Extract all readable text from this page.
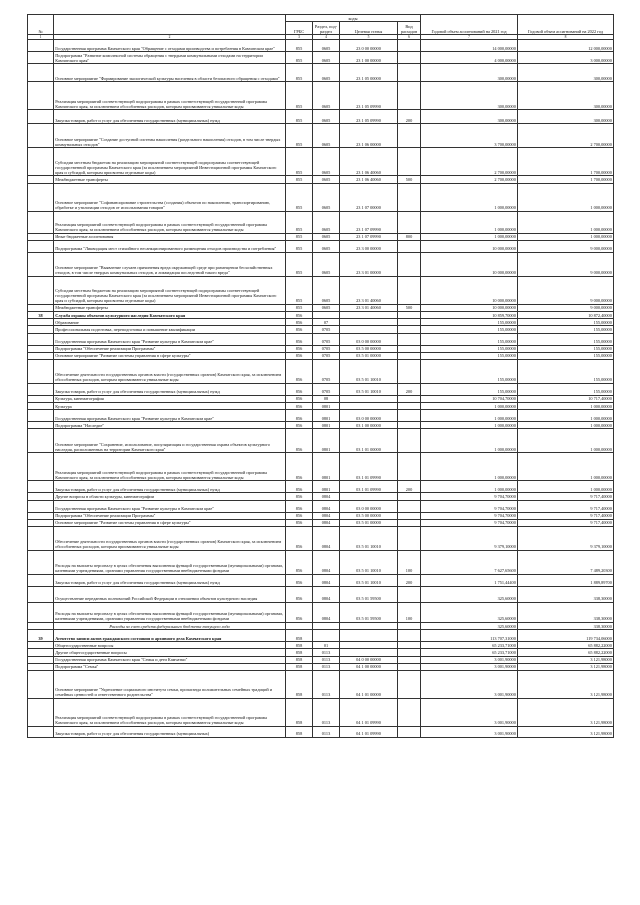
№		коды				Годовой объем ассигнований на 2021 год	Годовой объем ассигнований на 2022 год
		ГРБС	Раздел, под- раздел	Целевая статья	Вид расходов		
1	2	3	4	5	6	7	8
	Государственная программа Камчатского края "Обращение с отходами производства и потребления в Камчатском крае"	855	0605	23 0 00 00000		14 000,00000	12 000,00000
	Подпрограмма "Развитие комплексной системы обращения с твердыми коммунальными отходами на территории Камчатского края"	855	0605	23 1 00 00000		4 000,00000	3 000,00000
	Основное мероприятие "Формирование экологической культуры населения в области безопасного обращения с отходами"	855	0605	23 1 05 00000		300,00000	300,00000
	Реализация мероприятий соответствующей подпрограммы в рамках соответствующей государственной программы Камчатского края, за исключением обособленных расходов, которым присваиваются уникальные коды	855	0605	23 1 05 09990		300,00000	300,00000
	Закупка товаров, работ и услуг для обеспечения государственных (муниципальных) нужд	855	0605	23 1 05 09990	200	300,00000	300,00000
	Основное мероприятие "Создание доступной системы накопления (раздельного накопления) отходов, в том числе твердых коммунальных отходов"	855	0605	23 1 06 00000		3 700,00000	2 700,00000
	Субсидии местным бюджетам на реализацию мероприятий соответствующей подпрограммы соответствующей государственной программы Камчатского края (за исключением мероприятий Инвестиционной программы Камчатского края и субсидий, которым присвоены отдельные коды)	855	0605	23 1 06 40060		2 700,00000	1 700,00000
	Межбюджетные трансферты	855	0605	23 1 06 40060	500	2 700,00000	1 700,00000
	Основное мероприятие "Софинансирование строительства (создания) объектов по накоплению, транспортированию, обработке и утилизации отходов от использования товаров"	855	0605	23 1 07 00000		1 000,00000	1 000,00000
	Реализация мероприятий соответствующей подпрограммы в рамках соответствующей государственной программы Камчатского края, за исключением обособленных расходов, которым присваиваются уникальные коды	855	0605	23 1 07 09990		1 000,00000	1 000,00000
	Иные бюджетные ассигнования	855	0605	23 1 07 09990	800	1 000,00000	1 000,00000
	Подпрограмма "Ликвидация мест стихийного несанкционированного размещения отходов производства и потребления"	855	0605	23 3 00 00000		10 000,00000	9 000,00000
	Основное мероприятие "Выявление случаев причинения вреда окружающей среде при размещении бесхозяйственных отходов, в том числе твердых коммунальных отходов, и ликвидация последствий такого вреда"	855	0605	23 3 01 00000		10 000,00000	9 000,00000
	Субсидии местным бюджетам на реализацию мероприятий соответствующей подпрограммы соответствующей государственной программы Камчатского края (за исключением мероприятий Инвестиционной программы Камчатского края и субсидий, которым присвоены отдельные коды)	855	0605	23 3 01 40060		10 000,00000	9 000,00000
	Межбюджетные трансферты	855	0605	23 3 01 40060	500	10 000,00000	9 000,00000
38	Служба охраны объектов культурного наследия Камчатского края	856				10 859,70000	10 872,40000
	Образование	856	07			155,00000	155,00000
	Профессиональная подготовка, переподготовка и повышение квалификации	856	0705			155,00000	155,00000
	Государственная программа Камчатского края "Развитие культуры в Камчатском крае"	856	0705	03 0 00 00000		155,00000	155,00000
	Подпрограмма "Обеспечение реализации Программы"	856	0705	03 5 00 00000		155,00000	155,00000
	Основное мероприятие "Развитие системы управления в сфере культуры"	856	0705	03 5 01 00000		155,00000	155,00000
	Обеспечение деятельности государственных органов власти (государственных органов) Камчатского края, за исключением обособленных расходов, которым присваиваются уникальные коды	856	0705	03 5 01 10010		155,00000	155,00000
	Закупка товаров, работ и услуг для обеспечения государственных (муниципальных) нужд	856	0705	03 5 01 10010	200	155,00000	155,00000
	Культура, кинематография	856	08			10 704,70000	10 717,40000
	Культура	856	0801			1 000,00000	1 000,00000
	Государственная программа Камчатского края "Развитие культуры в Камчатском крае"	856	0801	03 0 00 00000		1 000,00000	1 000,00000
	Подпрограмма "Наследие"	856	0801	03 1 00 00000		1 000,00000	1 000,00000
	Основное мероприятие "Сохранение, использование, популяризация и государственная охрана объектов культурного наследия, расположенных на территории Камчатского края"	856	0801	03 1 01 00000		1 000,00000	1 000,00000
	Реализация мероприятий соответствующей подпрограммы в рамках соответствующей государственной программы Камчатского края, за исключением обособленных расходов, которым присваиваются уникальные коды	856	0801	03 1 01 09990		1 000,00000	1 000,00000
	Закупка товаров, работ и услуг для обеспечения государственных (муниципальных) нужд	856	0801	03 1 01 09990	200	1 000,00000	1 000,00000
	Другие вопросы в области культуры, кинематографии	856	0804			9 704,70000	9 717,40000
	Государственная программа Камчатского края "Развитие культуры в Камчатском крае"	856	0804	03 0 00 00000		9 704,70000	9 717,40000
	Подпрограмма "Обеспечение реализации Программы"	856	0804	03 5 00 00000		9 704,70000	9 717,40000
	Основное мероприятие "Развитие системы управления в сфере культуры"	856	0804	03 5 01 00000		9 704,70000	9 717,40000
	Обеспечение деятельности государственных органов власти (государственных органов) Камчатского края, за исключением обособленных расходов, которым присваиваются уникальные коды	856	0804	03 5 01 10010		9 379,10000	9 379,10000
	Расходы на выплаты персоналу в целях обеспечения выполнения функций государственными (муниципальными) органами, казенными учреждениями, органами управления государственными внебюджетными фондами	856	0804	03 5 01 10010	100	7 627,65600	7 489,20300
	Закупка товаров, работ и услуг для обеспечения государственных (муниципальных) нужд	856	0804	03 5 01 10010	200	1 751,44400	1 889,89700
	Осуществление переданных полномочий Российской Федерации в отношении объектов культурного наследия	856	0804	03 5 01 59500		325,60000	338,30000
	Расходы на выплаты персоналу в целях обеспечения выполнения функций государственными (муниципальными) органами, казенными учреждениями, органами управления государственными внебюджетными фондами	856	0804	03 5 01 59500	100	325,60000	338,30000
	Расходы за счет средств федерального бюджета текущего года					325,60000	338,30000
39	Агентство записи актов гражданского состояния и архивного дела Камчатского края	858				113 707,31000	119 734,06000
	Общегосударственные вопросы	858	01			65 233,71000	65 882,22000
	Другие общегосударственные вопросы	858	0113			65 233,71000	65 882,22000
	Государственная программа Камчатского края "Семья и дети Камчатки"	858	0113	04 0 00 00000		3 001,90000	3 121,98000
	Подпрограмма "Семья"	858	0113	04 1 00 00000		3 001,90000	3 121,98000
	Основное мероприятие "Укрепление социального института семьи, пропаганда положительных семейных традиций и семейных ценностей и ответственного родительства"	858	0113	04 1 01 00000		3 001,90000	3 121,98000
	Реализация мероприятий соответствующей подпрограммы в рамках соответствующей государственной программы Камчатского края, за исключением обособленных расходов, которым присваиваются уникальные коды	858	0113	04 1 01 09990		3 001,90000	3 121,98000
	Закупка товаров, работ и услуг для обеспечения государственных (муниципальных)	858	0113	04 1 01 09990		3 001,90000	3 121,98000
